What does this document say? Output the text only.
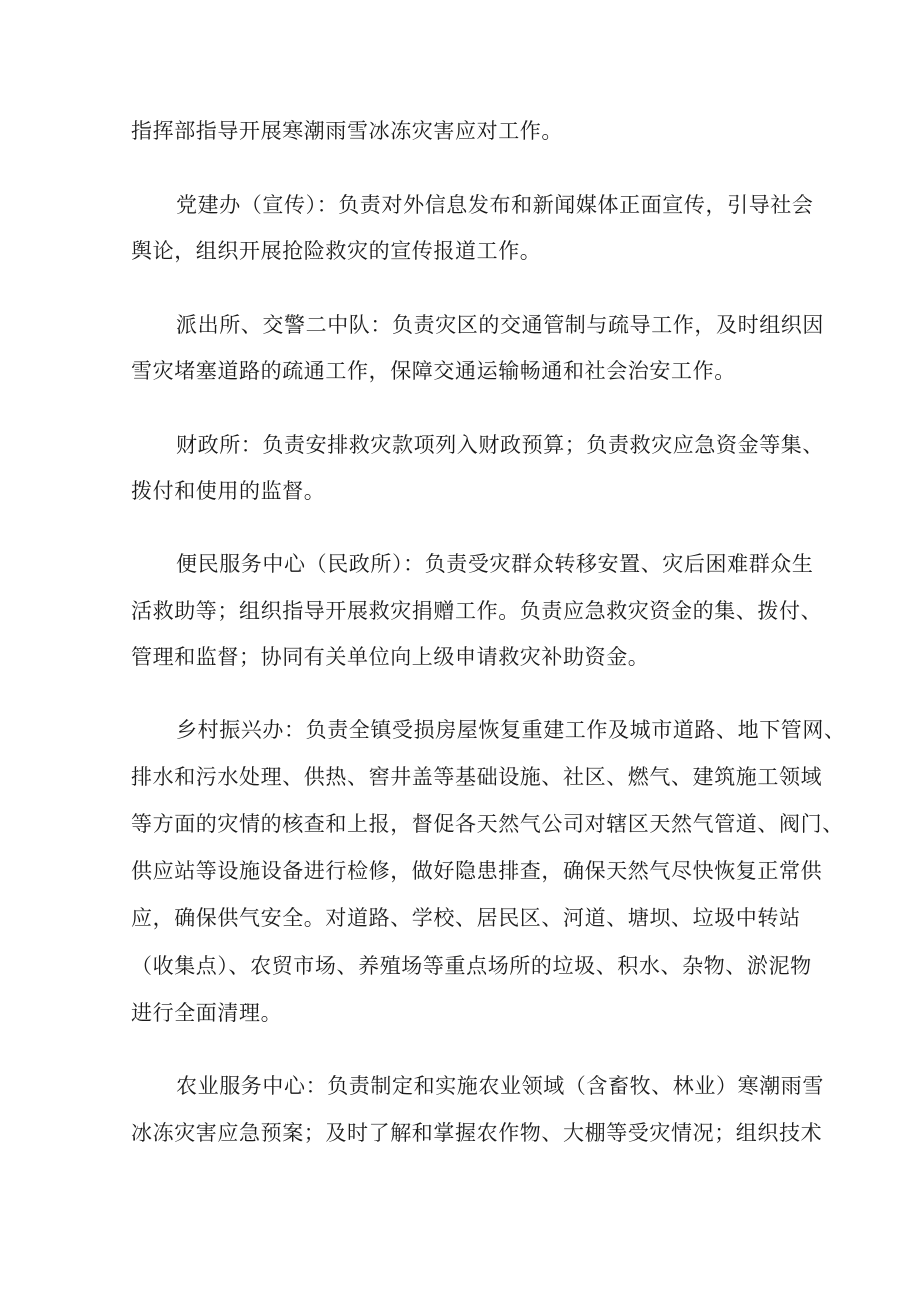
指挥部指导开展寒潮雨雪冰冻灾害应对工作。
党建办（宣传）：负责对外信息发布和新闻媒体正面宣传，引导社会
舆论，组织开展抢险救灾的宣传报道工作。
派出所、交警二中队：负责灾区的交通管制与疏导工作，及时组织因
雪灾堵塞道路的疏通工作，保障交通运输畅通和社会治安工作。
财政所：负责安排救灾款项列入财政预算；负责救灾应急资金等集、
拨付和使用的监督。
便民服务中心（民政所）：负责受灾群众转移安置、灾后困难群众生
活救助等；组织指导开展救灾捐赠工作。负责应急救灾资金的集、拨付、
管理和监督；协同有关单位向上级申请救灾补助资金。
乡村振兴办：负责全镇受损房屋恢复重建工作及城市道路、地下管网、
排水和污水处理、供热、窖井盖等基础设施、社区、燃气、建筑施工领域
等方面的灾情的核查和上报，督促各天然气公司对辖区天然气管道、阀门、
供应站等设施设备进行检修，做好隐患排查，确保天然气尽快恢复正常供
应，确保供气安全。对道路、学校、居民区、河道、塘坝、垃圾中转站
（收集点）、农贸市场、养殖场等重点场所的垃圾、积水、杂物、淤泥物
进行全面清理。
农业服务中心：负责制定和实施农业领域（含畜牧、林业）寒潮雨雪
冰冻灾害应急预案；及时了解和掌握农作物、大棚等受灾情况；组织技术
